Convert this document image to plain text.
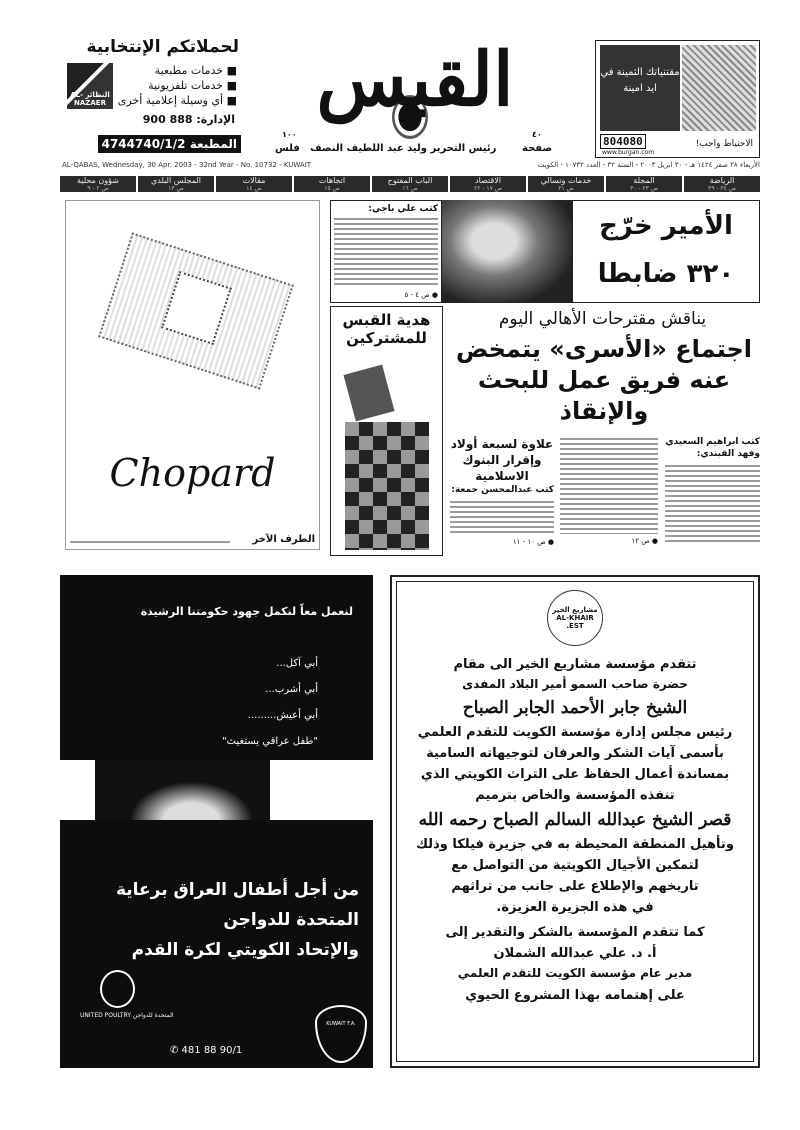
لحملاتكم الإنتخابية
النظائر AL-NAZAER
■ خدمات مطبعية
■ خدمات تلفزيونية
■ أي وسيلة إعلامية أخرى
الإدارة: 888 900
المطبعة 4744740/1/2
القبس
رئيس التحرير وليد عبد اللطيف النصف
٤٠
صفحة
١٠٠
فلس
مقتنياتك الثمينة في ايد امينة
804080
www.burgan.com
الاحتياط واجب!
AL-QABAS, Wednesday, 30 Apr. 2003 - 32nd Year - No. 10732 - KUWAIT	الأربعاء ٢٨ صفر ١٤٢٤ هـ - ٣٠ ابريل ٢٠٠٣ - السنة ٣٢ - العدد ١٠٧٣٢ - الكويت
شؤون محلية
ص ٢ - ٩
المجلس البلدي
ص ١٣
مقالات
ص ١٤
اتجاهات
ص ١٥
الباب المفتوح
ص ١٦
الاقتصاد
ص ١٧ - ٢٢
خدمات وتسالي
ص ٢١
المجلة
ص ٢٣ - ٣٠
الرياضة
ص ٣٤ - ٣٩
Chopard
الطرف الآخر
كتب علي باجي:
● ص ٤ - ٥
الأمير خرّج
٣٢٠ ضابطا
هدية القبس للمشتركين
يناقش مقترحات الأهالي اليوم
اجتماع «الأسرى» يتمخض عنه فريق عمل للبحث والإنقاذ
كتب ابراهيم السعيدي وفهد القبندي:
● ص ١٢
علاوة لسبعة أولاد وإقرار البنوك الاسلامية
كتب عبدالمحسن جمعة:
● ص ١٠ - ١١
لنعمل معاً لنكمل جهود حكومتنا الرشيدة
أبي آكل...
أبي أشرب...
أبي أعيش.........
"طفل عراقي يستغيث"
من أجل أطفال العراق برعاية
المتحدة للدواجن
والإتحاد الكويتي لكرة القدم
المتحدة للدواجن UNITED POULTRY
✆ 481 88 90/1
KUWAIT F.A.
مشاريع الخير AL-KHAIR EST.
تتقدم مؤسسة مشاريع الخير الى مقام
حضرة صاحب السمو أمير البلاد المفدى
الشيخ جابر الأحمد الجابر الصباح
رئيس مجلس إدارة مؤسسة الكويت للتقدم العلمي
بأسمى آيات الشكر والعرفان لتوجيهاته السامية
بمساندة أعمال الحفاظ على التراث الكويتي الذي
تنفذه المؤسسة والخاص بترميم
قصر الشيخ عبدالله السالم الصباح رحمه الله
وتأهيل المنطقة المحيطة به في جزيرة فيلكا وذلك
لتمكين الأجيال الكويتية من التواصل مع
تاريخهم والإطلاع على جانب من تراثهم
في هذه الجزيرة العزيزة.
كما تتقدم المؤسسة بالشكر والتقدير إلى
أ. د. علي عبدالله الشملان
مدير عام مؤسسة الكويت للتقدم العلمي
على إهتمامه بهذا المشروع الحيوي
